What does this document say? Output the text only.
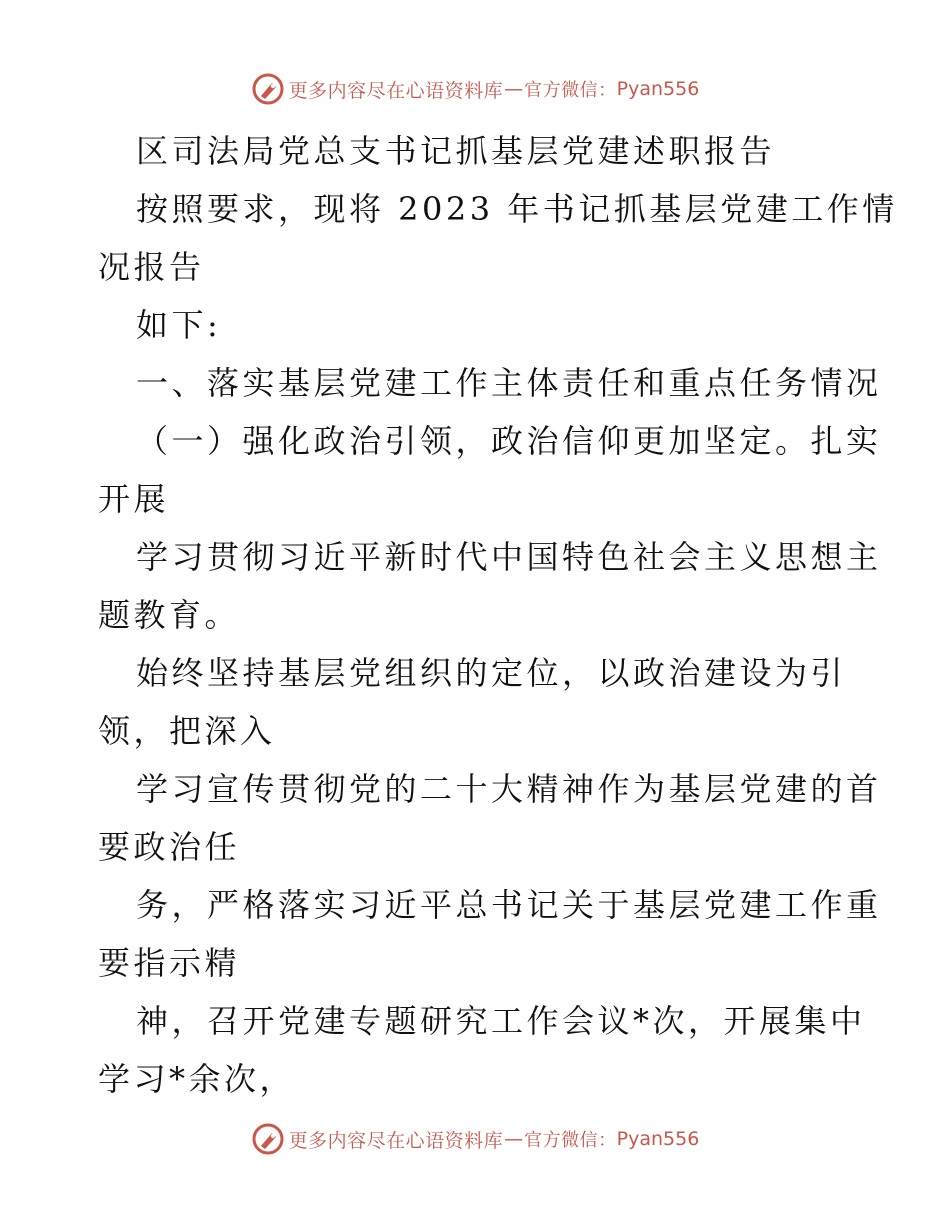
更多内容尽在心语资料库 — 官方微信： Pyan556
区司法局党总支书记抓基层党建述职报告
按照要求，现将 2023 年书记抓基层党建工作情
况报告
如下:
一、落实基层党建工作主体责任和重点任务情况
（一）强化政治引领，政治信仰更加坚定。扎实
开展
学习贯彻习近平新时代中国特色社会主义思想主
题教育。
始终坚持基层党组织的定位，以政治建设为引
领，把深入
学习宣传贯彻党的二十大精神作为基层党建的首
要政治任
务，严格落实习近平总书记关于基层党建工作重
要指示精
神，召开党建专题研究工作会议*次，开展集中
学习*余次，
更多内容尽在心语资料库 — 官方微信： Pyan556
